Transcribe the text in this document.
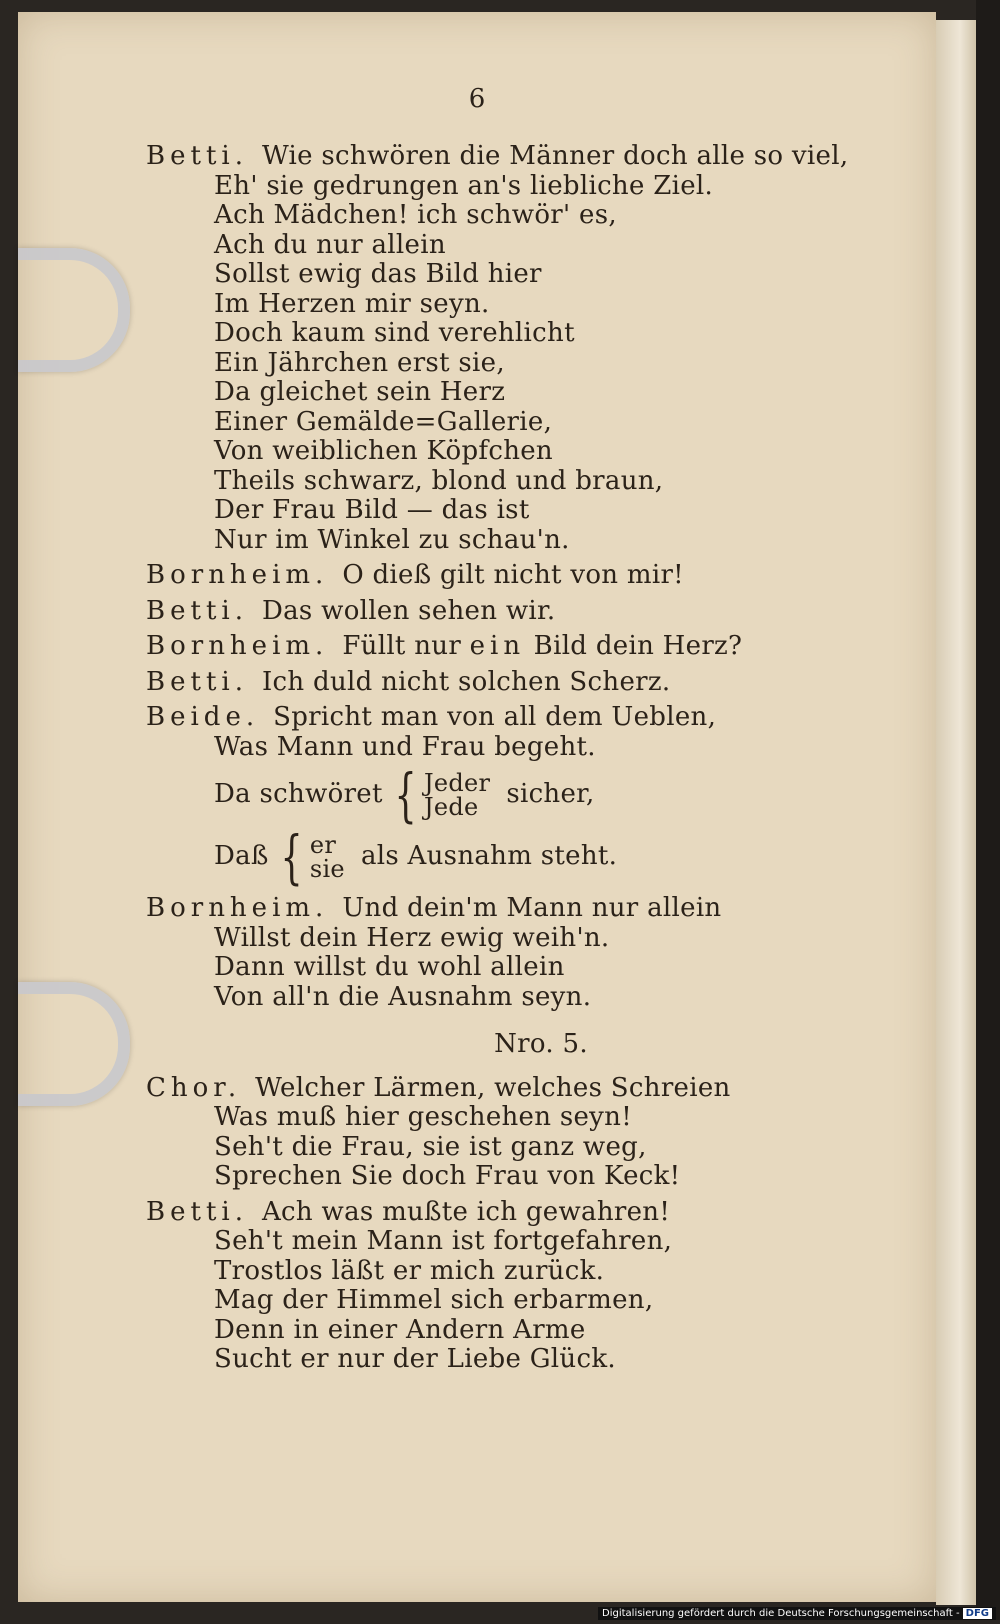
6
Betti. Wie schwören die Männer doch alle so viel,
Eh' sie gedrungen an's liebliche Ziel.
Ach Mädchen! ich schwör' es,
Ach du nur allein
Sollst ewig das Bild hier
Im Herzen mir seyn.
Doch kaum sind verehlicht
Ein Jährchen erst sie,
Da gleichet sein Herz
Einer Gemälde=Gallerie,
Von weiblichen Köpfchen
Theils schwarz, blond und braun,
Der Frau Bild — das ist
Nur im Winkel zu schau'n.
Bornheim. O dieß gilt nicht von mir!
Betti. Das wollen sehen wir.
Bornheim. Füllt nur ein Bild dein Herz?
Betti. Ich duld nicht solchen Scherz.
Beide. Spricht man von all dem Ueblen,
Was Mann und Frau begeht.
Da schwöret { Jeder
Jede	sicher,
Daß { er
sie als Ausnahm steht.
Bornheim. Und dein'm Mann nur allein
Willst dein Herz ewig weih'n.
Dann willst du wohl allein
Von all'n die Ausnahm seyn.
Nro. 5.
Chor. Welcher Lärmen, welches Schreien
Was muß hier geschehen seyn!
Seh't die Frau, sie ist ganz weg,
Sprechen Sie doch Frau von Keck!
Betti. Ach was mußte ich gewahren!
Seh't mein Mann ist fortgefahren,
Trostlos läßt er mich zurück.
Mag der Himmel sich erbarmen,
Denn in einer Andern Arme
Sucht er nur der Liebe Glück.
Digitalisierung gefördert durch die Deutsche Forschungsgemeinschaft - DFG
